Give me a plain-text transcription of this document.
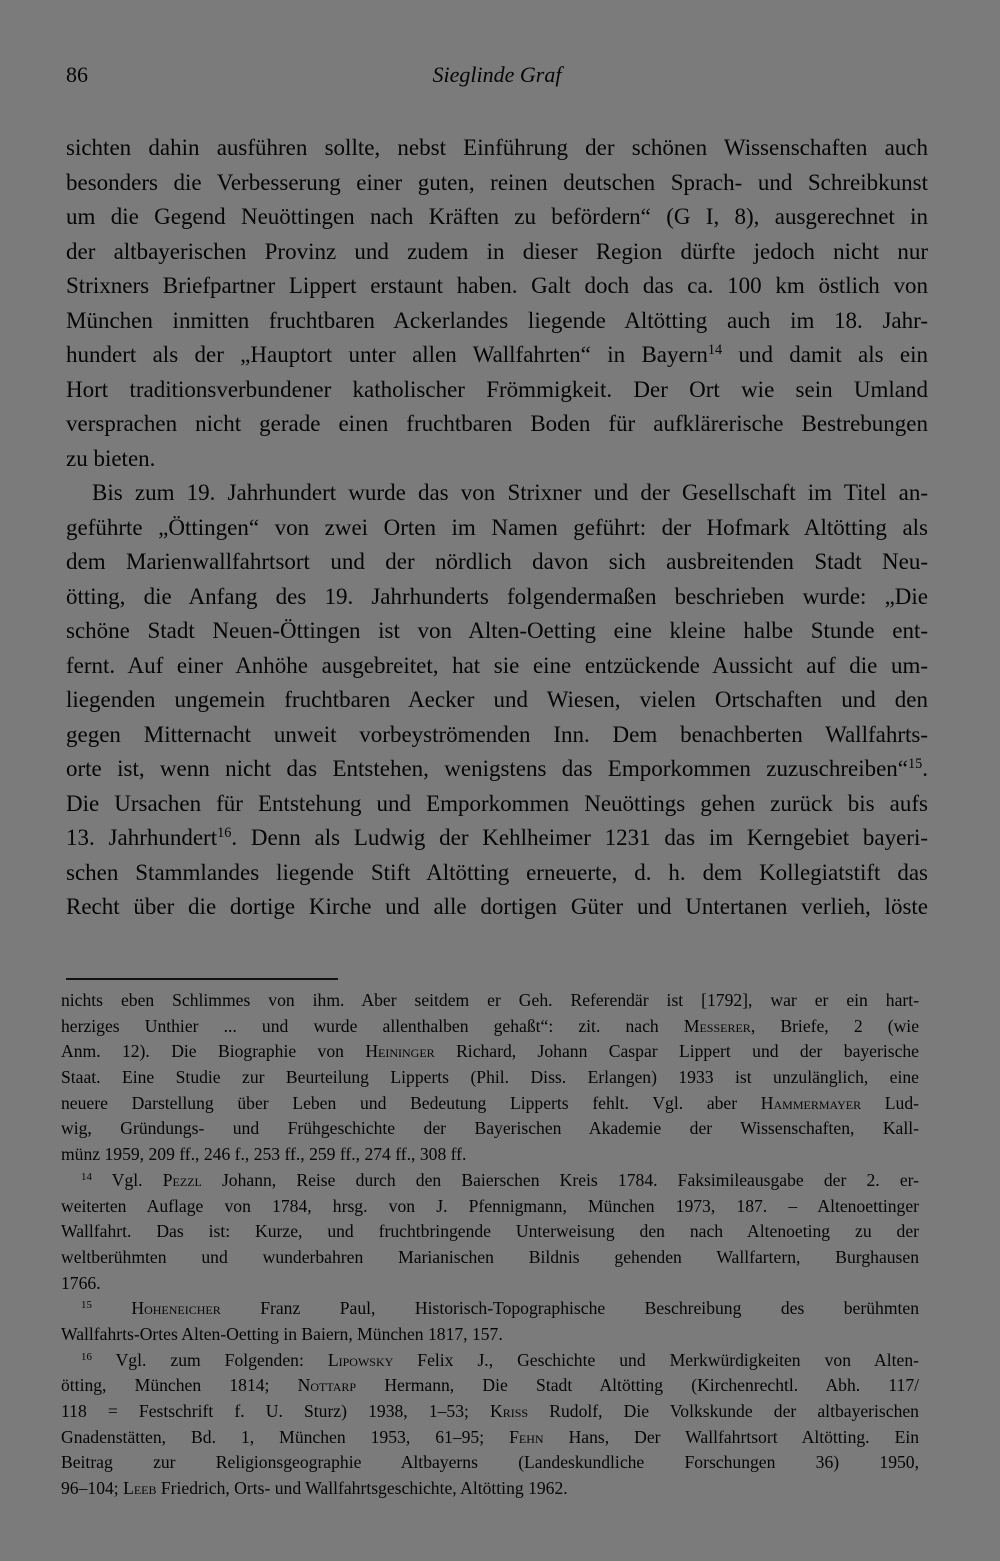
86	Sieglinde Graf
sichten dahin ausführen sollte, nebst Einführung der schönen Wissenschaften auch
besonders die Verbesserung einer guten, reinen deutschen Sprach- und Schreibkunst
um die Gegend Neuöttingen nach Kräften zu befördern“ (G I, 8), ausgerechnet in
der altbayerischen Provinz und zudem in dieser Region dürfte jedoch nicht nur
Strixners Briefpartner Lippert erstaunt haben. Galt doch das ca. 100 km östlich von
München inmitten fruchtbaren Ackerlandes liegende Altötting auch im 18. Jahr-
hundert als der „Hauptort unter allen Wallfahrten“ in Bayern$^{14}$ und damit als ein
Hort traditionsverbundener katholischer Frömmigkeit. Der Ort wie sein Umland
versprachen nicht gerade einen fruchtbaren Boden für aufklärerische Bestrebungen
zu bieten.
Bis zum 19. Jahrhundert wurde das von Strixner und der Gesellschaft im Titel an-
geführte „Öttingen“ von zwei Orten im Namen geführt: der Hofmark Altötting als
dem Marienwallfahrtsort und der nördlich davon sich ausbreitenden Stadt Neu-
ötting, die Anfang des 19. Jahrhunderts folgendermaßen beschrieben wurde: „Die
schöne Stadt Neuen-Öttingen ist von Alten-Oetting eine kleine halbe Stunde ent-
fernt. Auf einer Anhöhe ausgebreitet, hat sie eine entzückende Aussicht auf die um-
liegenden ungemein fruchtbaren Aecker und Wiesen, vielen Ortschaften und den
gegen Mitternacht unweit vorbeyströmenden Inn. Dem benachberten Wallfahrts-
orte ist, wenn nicht das Entstehen, wenigstens das Emporkommen zuzuschreiben“$^{15}$.
Die Ursachen für Entstehung und Emporkommen Neuöttings gehen zurück bis aufs
13. Jahrhundert$^{16}$. Denn als Ludwig der Kehlheimer 1231 das im Kerngebiet bayeri-
schen Stammlandes liegende Stift Altötting erneuerte, d. h. dem Kollegiatstift das
Recht über die dortige Kirche und alle dortigen Güter und Untertanen verlieh, löste
nichts eben Schlimmes von ihm. Aber seitdem er Geh. Referendär ist [1792], war er ein hart-
herziges Unthier ... und wurde allenthalben gehaßt“: zit. nach Messerer, Briefe, 2 (wie
Anm. 12). Die Biographie von Heininger Richard, Johann Caspar Lippert und der bayerische
Staat. Eine Studie zur Beurteilung Lipperts (Phil. Diss. Erlangen) 1933 ist unzulänglich, eine
neuere Darstellung über Leben und Bedeutung Lipperts fehlt. Vgl. aber Hammermayer Lud-
wig, Gründungs- und Frühgeschichte der Bayerischen Akademie der Wissenschaften, Kall-
münz 1959, 209 ff., 246 f., 253 ff., 259 ff., 274 ff., 308 ff.
$^{14}$ Vgl. Pezzl Johann, Reise durch den Baierschen Kreis 1784. Faksimileausgabe der 2. er-
weiterten Auflage von 1784, hrsg. von J. Pfennigmann, München 1973, 187. – Altenoettinger
Wallfahrt. Das ist: Kurze, und fruchtbringende Unterweisung den nach Altenoeting zu der
weltberühmten und wunderbahren Marianischen Bildnis gehenden Wallfartern, Burghausen
1766.
$^{15}$ Hoheneicher Franz Paul, Historisch-Topographische Beschreibung des berühmten
Wallfahrts-Ortes Alten-Oetting in Baiern, München 1817, 157.
$^{16}$ Vgl. zum Folgenden: Lipowsky Felix J., Geschichte und Merkwürdigkeiten von Alten-
ötting, München 1814; Nottarp Hermann, Die Stadt Altötting (Kirchenrechtl. Abh. 117/
118 = Festschrift f. U. Sturz) 1938, 1–53; Kriss Rudolf, Die Volkskunde der altbayerischen
Gnadenstätten, Bd. 1, München 1953, 61–95; Fehn Hans, Der Wallfahrtsort Altötting. Ein
Beitrag zur Religionsgeographie Altbayerns (Landeskundliche Forschungen 36) 1950,
96–104; Leeb Friedrich, Orts- und Wallfahrtsgeschichte, Altötting 1962.
